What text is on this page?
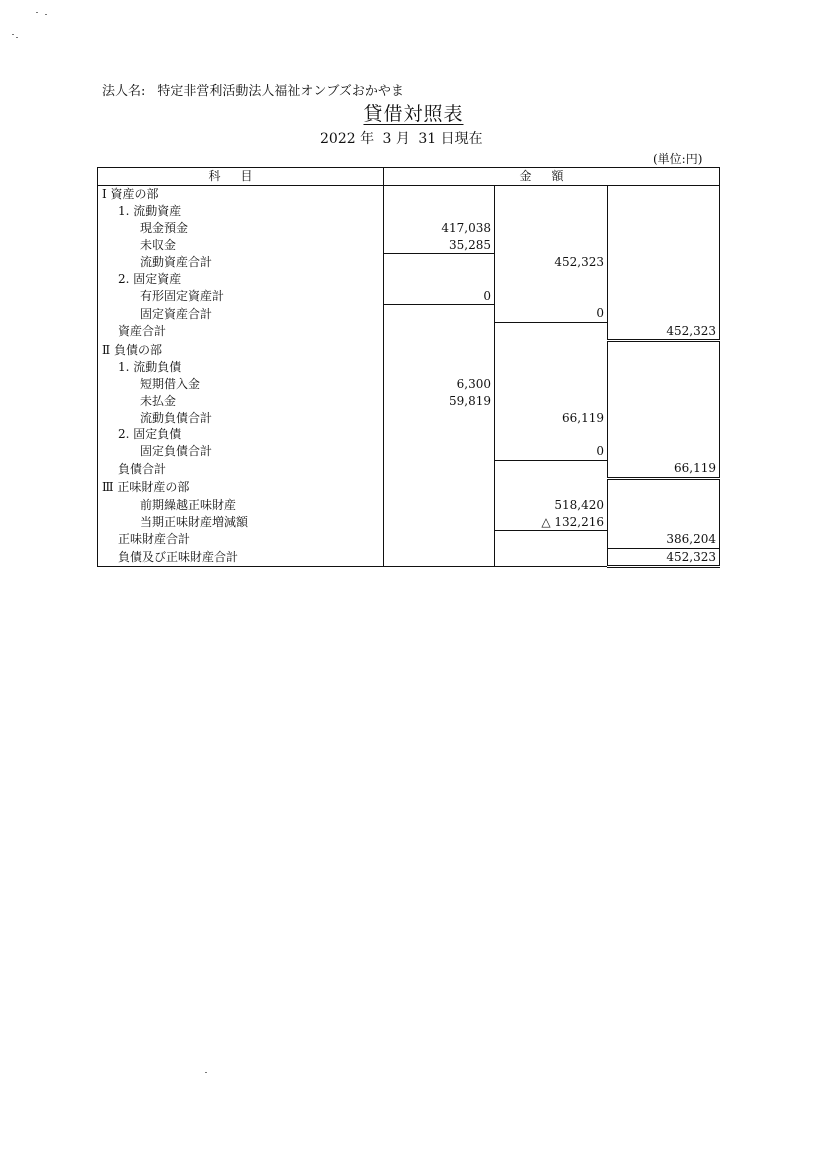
法人名: 特定非営利活動法人福祉オンブズおかやま
貸借対照表
2022 年 3 月 31 日現在
(単位:円)
科目	金額		
Ⅰ 資産の部			
1. 流動資産			
現金預金	417,038		
未収金	35,285		
流動資産合計		452,323	
2. 固定資産			
有形固定資産計	0		
固定資産合計		0	
資産合計			452,323
Ⅱ 負債の部			
1. 流動負債			
短期借入金	6,300		
未払金	59,819		
流動負債合計		66,119	
2. 固定負債			
固定負債合計		0	
負債合計			66,119
Ⅲ 正味財産の部			
前期繰越正味財産		518,420	
当期正味財産増減額		△ 132,216	
正味財産合計			386,204
負債及び正味財産合計			452,323
